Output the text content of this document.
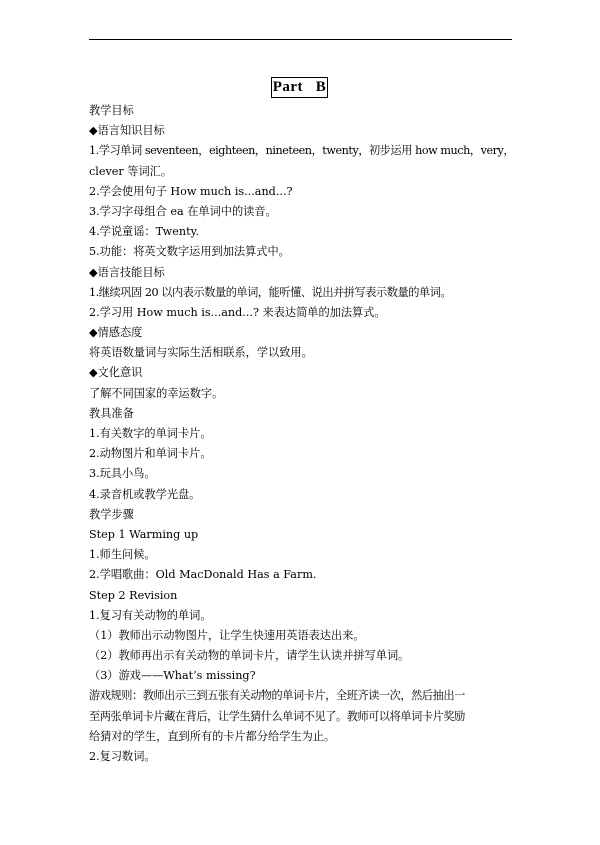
Part   B
教学目标
◆语言知识目标
1.学习单词 seventeen，eighteen，nineteen，twenty，初步运用 how much，very，
clever 等词汇。
2.学会使用句子 How much is...and...?
3.学习字母组合 ea 在单词中的读音。
4.学说童谣：Twenty.
5.功能：将英文数字运用到加法算式中。
◆语言技能目标
1.继续巩固 20 以内表示数量的单词，能听懂、说出并拼写表示数量的单词。
2.学习用 How much is...and...? 来表达简单的加法算式。
◆情感态度
将英语数量词与实际生活相联系，学以致用。
◆文化意识
了解不同国家的幸运数字。
教具准备
1.有关数字的单词卡片。
2.动物图片和单词卡片。
3.玩具小鸟。
4.录音机或教学光盘。
教学步骤
Step 1 Warming up
1.师生问候。
2.学唱歌曲：Old MacDonald Has a Farm.
Step 2 Revision
1.复习有关动物的单词。
（1）教师出示动物图片，让学生快速用英语表达出来。
（2）教师再出示有关动物的单词卡片，请学生认读并拼写单词。
（3）游戏——What’s missing?
游戏规则：教师出示三到五张有关动物的单词卡片，全班齐读一次，然后抽出一
至两张单词卡片藏在背后，让学生猜什么单词不见了。教师可以将单词卡片奖励
给猜对的学生，直到所有的卡片都分给学生为止。
2.复习数词。
